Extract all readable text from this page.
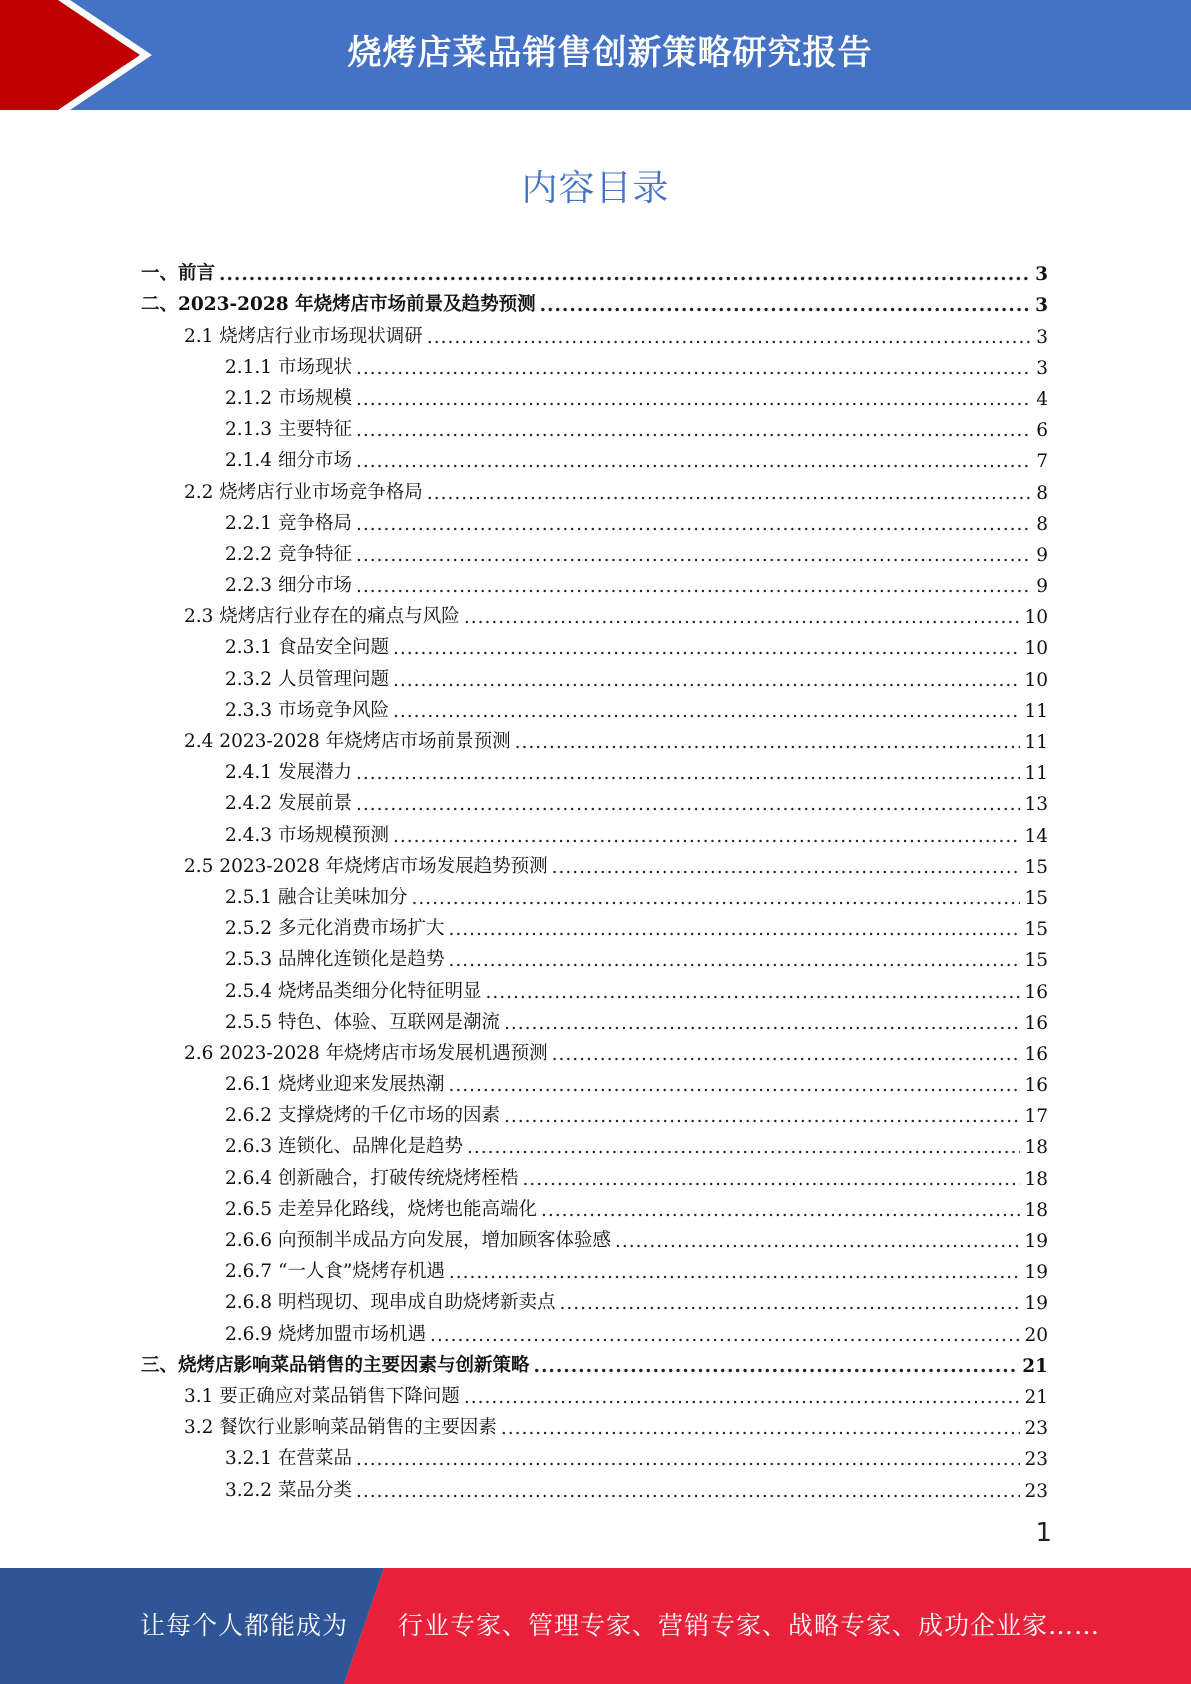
烧烤店菜品销售创新策略研究报告
内容目录
一、前言 .....	3
二、2023-2028 年烧烤店市场前景及趋势预测 .....	3
2.1 烧烤店行业市场现状调研 .....	3
2.1.1 市场现状 .....	3
2.1.2 市场规模 .....	4
2.1.3 主要特征 .....	6
2.1.4 细分市场 .....	7
2.2 烧烤店行业市场竞争格局 .....	8
2.2.1 竞争格局 .....	8
2.2.2 竞争特征 .....	9
2.2.3 细分市场 .....	9
2.3 烧烤店行业存在的痛点与风险 .....	10
2.3.1 食品安全问题 .....	10
2.3.2 人员管理问题 .....	10
2.3.3 市场竞争风险 .....	11
2.4 2023-2028 年烧烤店市场前景预测 .....	11
2.4.1 发展潜力 .....	11
2.4.2 发展前景 .....	13
2.4.3 市场规模预测 .....	14
2.5 2023-2028 年烧烤店市场发展趋势预测 .....	15
2.5.1 融合让美味加分 .....	15
2.5.2 多元化消费市场扩大 .....	15
2.5.3 品牌化连锁化是趋势 .....	15
2.5.4 烧烤品类细分化特征明显 .....	16
2.5.5 特色、体验、互联网是潮流 .....	16
2.6 2023-2028 年烧烤店市场发展机遇预测 .....	16
2.6.1 烧烤业迎来发展热潮 .....	16
2.6.2 支撑烧烤的千亿市场的因素 .....	17
2.6.3 连锁化、品牌化是趋势 .....	18
2.6.4 创新融合，打破传统烧烤桎梏 .....	18
2.6.5 走差异化路线，烧烤也能高端化 .....	18
2.6.6 向预制半成品方向发展，增加顾客体验感 .....	19
2.6.7 “一人食”烧烤存机遇 .....	19
2.6.8 明档现切、现串成自助烧烤新卖点 .....	19
2.6.9 烧烤加盟市场机遇 .....	20
三、烧烤店影响菜品销售的主要因素与创新策略 .....	21
3.1 要正确应对菜品销售下降问题 .....	21
3.2 餐饮行业影响菜品销售的主要因素 .....	23
3.2.1 在营菜品 .....	23
3.2.2 菜品分类 .....	23
1
让每个人都能成为 行业专家、管理专家、营销专家、战略专家、成功企业家……
